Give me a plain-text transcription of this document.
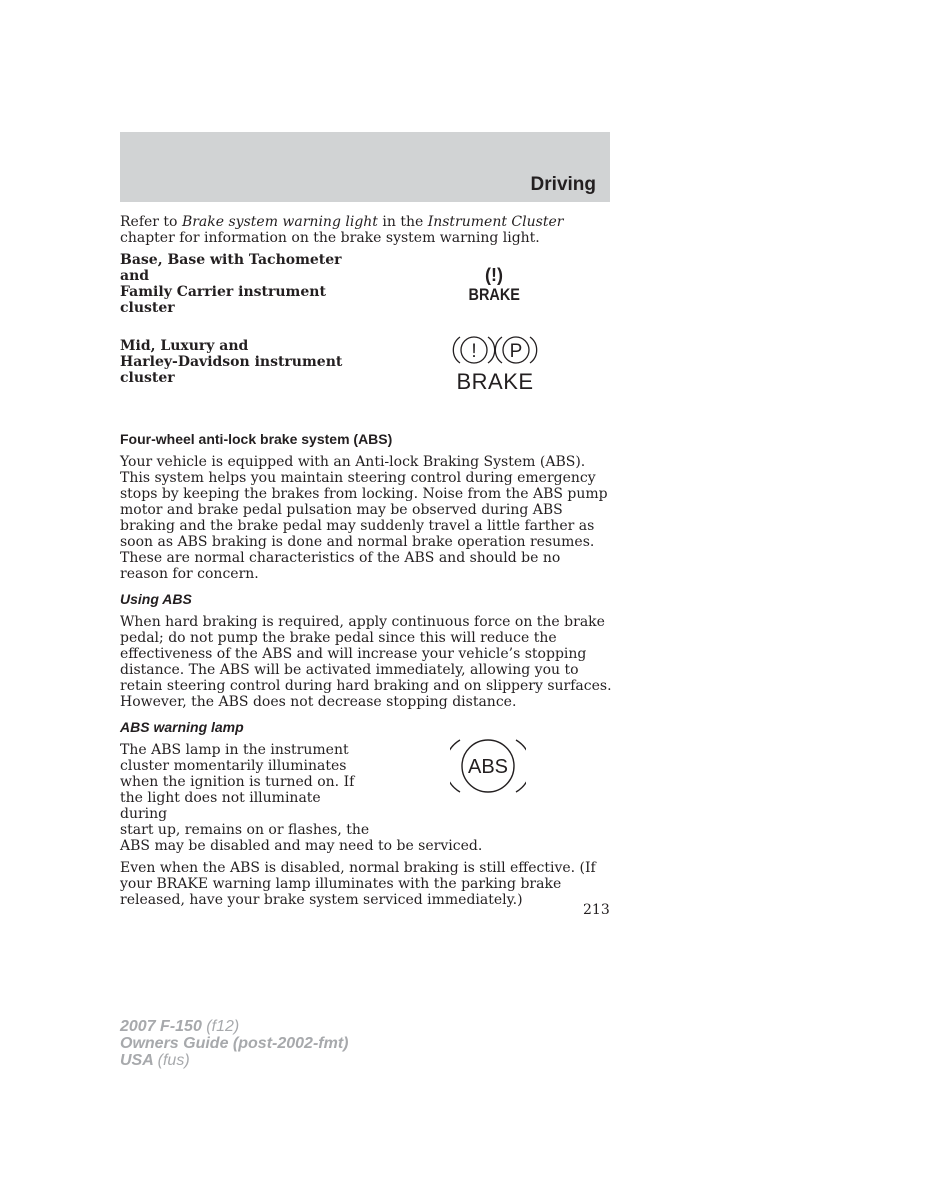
Driving

Refer to Brake system warning light in the Instrument Cluster chapter for information on the brake system warning light.

Base, Base with Tachometer and
Family Carrier instrument
cluster
(!)
BRAKE
Mid, Luxury and
Harley-Davidson instrument
cluster
! P
BRAKE
Four-wheel anti-lock brake system (ABS)

Your vehicle is equipped with an Anti-lock Braking System (ABS). This system helps you maintain steering control during emergency stops by keeping the brakes from locking. Noise from the ABS pump motor and brake pedal pulsation may be observed during ABS braking and the brake pedal may suddenly travel a little farther as soon as ABS braking is done and normal brake operation resumes. These are normal characteristics of the ABS and should be no reason for concern.

Using ABS

When hard braking is required, apply continuous force on the brake pedal; do not pump the brake pedal since this will reduce the effectiveness of the ABS and will increase your vehicle’s stopping distance. The ABS will be activated immediately, allowing you to retain steering control during hard braking and on slippery surfaces. However, the ABS does not decrease stopping distance.

ABS warning lamp
The ABS lamp in the instrument
cluster momentarily illuminates
when the ignition is turned on. If
the light does not illuminate during
start up, remains on or flashes, the
ABS may be disabled and may need to be serviced.
ABS

Even when the ABS is disabled, normal braking is still effective. (If your BRAKE warning lamp illuminates with the parking brake released, have your brake system serviced immediately.)

213
2007 F-150 (f12)
Owners Guide (post-2002-fmt)
USA (fus)
